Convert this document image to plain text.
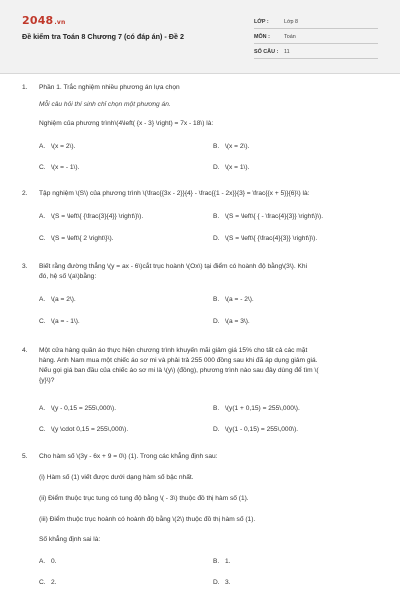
2048.vn
Đề kiểm tra Toán 8 Chương 7 (có đáp án) - Đề 2
LỚP :	Lớp 8
MÔN :	Toán
SỐ CÂU :	11
1.	Phần 1. Trắc nghiệm nhiều phương án lựa chọn
Mỗi câu hỏi thí sinh chỉ chọn một phương án.
Nghiệm của phương trình\(4\left( {x - 3} \right) = 7x - 18\) là:
A. \(x = 2\).	B. \(x = 2\).
C. \(x = - 1\).	D. \(x = 1\).
2.	Tập nghiệm \(S\) của phương trình \(\frac{{3x - 2}}{4} - \frac{{1 - 2x}}{3} = \frac{{x + 5}}{6}\) là:
A. \(S = \left\{ {\frac{3}{4}} \right\}\).	B. \(S = \left\{ { - \frac{4}{3}} \right\}\).
C. \(S = \left\{ 2 \right\}\).	D. \(S = \left\{ {\frac{4}{3}} \right\}\).
3.	Biết rằng đường thẳng \(y = ax - 6\)cắt trục hoành \(Ox\) tại điểm có hoành độ bằng\(3\). Khi
đó, hệ số \(a\)bằng:
A. \(a = 2\).	B. \(a = - 2\).
C. \(a = - 1\).	D. \(a = 3\).
4.	Một cửa hàng quần áo thực hiện chương trình khuyến mãi giảm giá 15% cho tất cả các mặt
hàng. Anh Nam mua một chiếc áo sơ mi và phải trả 255 000 đồng sau khi đã áp dụng giảm giá.
Nếu gọi giá ban đầu của chiếc áo sơ mi là \(y\) (đồng), phương trình nào sau đây dùng để tìm \(
{y}\)?
A. \(y - 0,15 = 255\,000\).	B. \(y(1 + 0,15) = 255\,000\).
C. \(y \cdot 0,15 = 255\,000\).	D. \(y(1 - 0,15) = 255\,000\).
5.	Cho hàm số \(3y - 6x + 9 = 0\) (1). Trong các khẳng định sau:
(i) Hàm số (1) viết được dưới dạng hàm số bậc nhất.
(ii) Điểm thuộc trục tung có tung độ bằng \( - 3\) thuộc đồ thị hàm số (1).
(iii) Điểm thuộc trục hoành có hoành độ bằng \(2\) thuộc đồ thị hàm số (1).
Số khẳng định sai là:
A. 0.	B. 1.
C. 2.	D. 3.
